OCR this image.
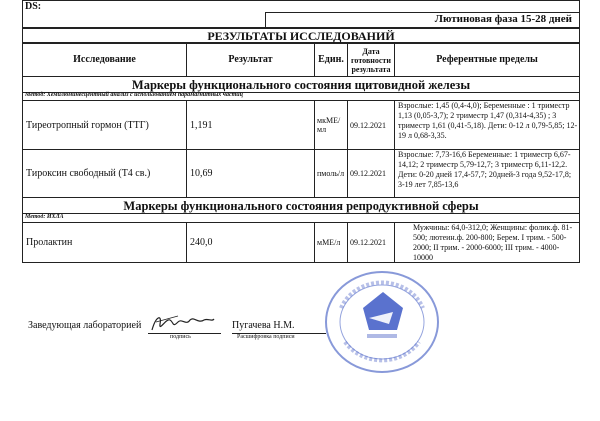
DS:
Лютиновая фаза 15-28 дней
РЕЗУЛЬТАТЫ ИССЛЕДОВАНИЙ
Исследование	Результат	Един.
Дата готовности результата
Референтные пределы
Маркеры функционального состояния щитовидной железы
Метод: Хемилюминесцентный анализ с использованием парамагнитных частиц
Тиреотропный гормон (ТТГ)	1,191	мкМЕ/мл	09.12.2021
Взрослые: 1,45 (0,4-4,0); Беременные : 1 триместр 1,13 (0,05-3,7); 2 триместр 1,47 (0,314-4,35) ; 3 триместр 1,61 (0,41-5,18). Дети: 0-12 л 0,79-5,85; 12-19 л 0,68-3,35.
Тироксин свободный (Т4 св.)	10,69	пмоль/л 09.12.2021
Взрослые: 7,73-16,6 Беременные: 1 триместр 6,67-14,12; 2 триместр 5,79-12,7; 3 триместр 6,11-12,2. Дети: 0-20 дней 17,4-57,7; 20дней-3 года 9,52-17,8; 3-19 лет 7,85-13,6
Маркеры функционального состояния репродуктивной сферы
Метод: ИХЛА
Пролактин	240,0	мМЕ/л	09.12.2021
Мужчины: 64,0-312,0; Женщины: фолик.ф. 81-500; лютеин.ф. 200-800; Берем. I трим. - 500-2000; II трим. - 2000-6000; III трим. - 4000-10000
Заведующая лабораторией
подпись
Пугачева Н.М.
Расшифровка подписи
